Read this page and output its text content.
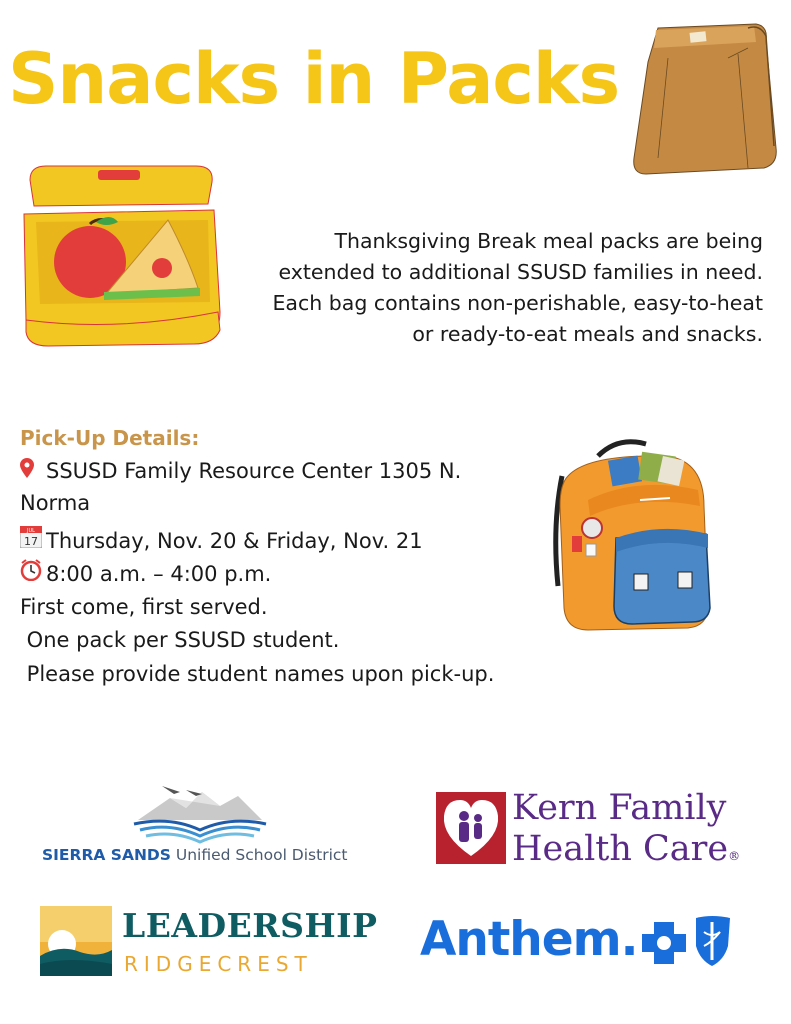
Snacks in Packs
Thanksgiving Break meal packs are being
extended to additional SSUSD families in need.
Each bag contains non-perishable, easy-to-heat
or ready-to-eat meals and snacks.
Pick-Up Details:
SSUSD Family Resource Center 1305 N.
Norma
JUL
17 Thursday, Nov. 20 & Friday, Nov. 21
8:00 a.m. – 4:00 p.m.
First come, first served.
One pack per SSUSD student.
Please provide student names upon pick-up.
SIERRA SANDS Unified School District
Kern Family
Health Care®
LEADERSHIP
RIDGECREST Anthem.
